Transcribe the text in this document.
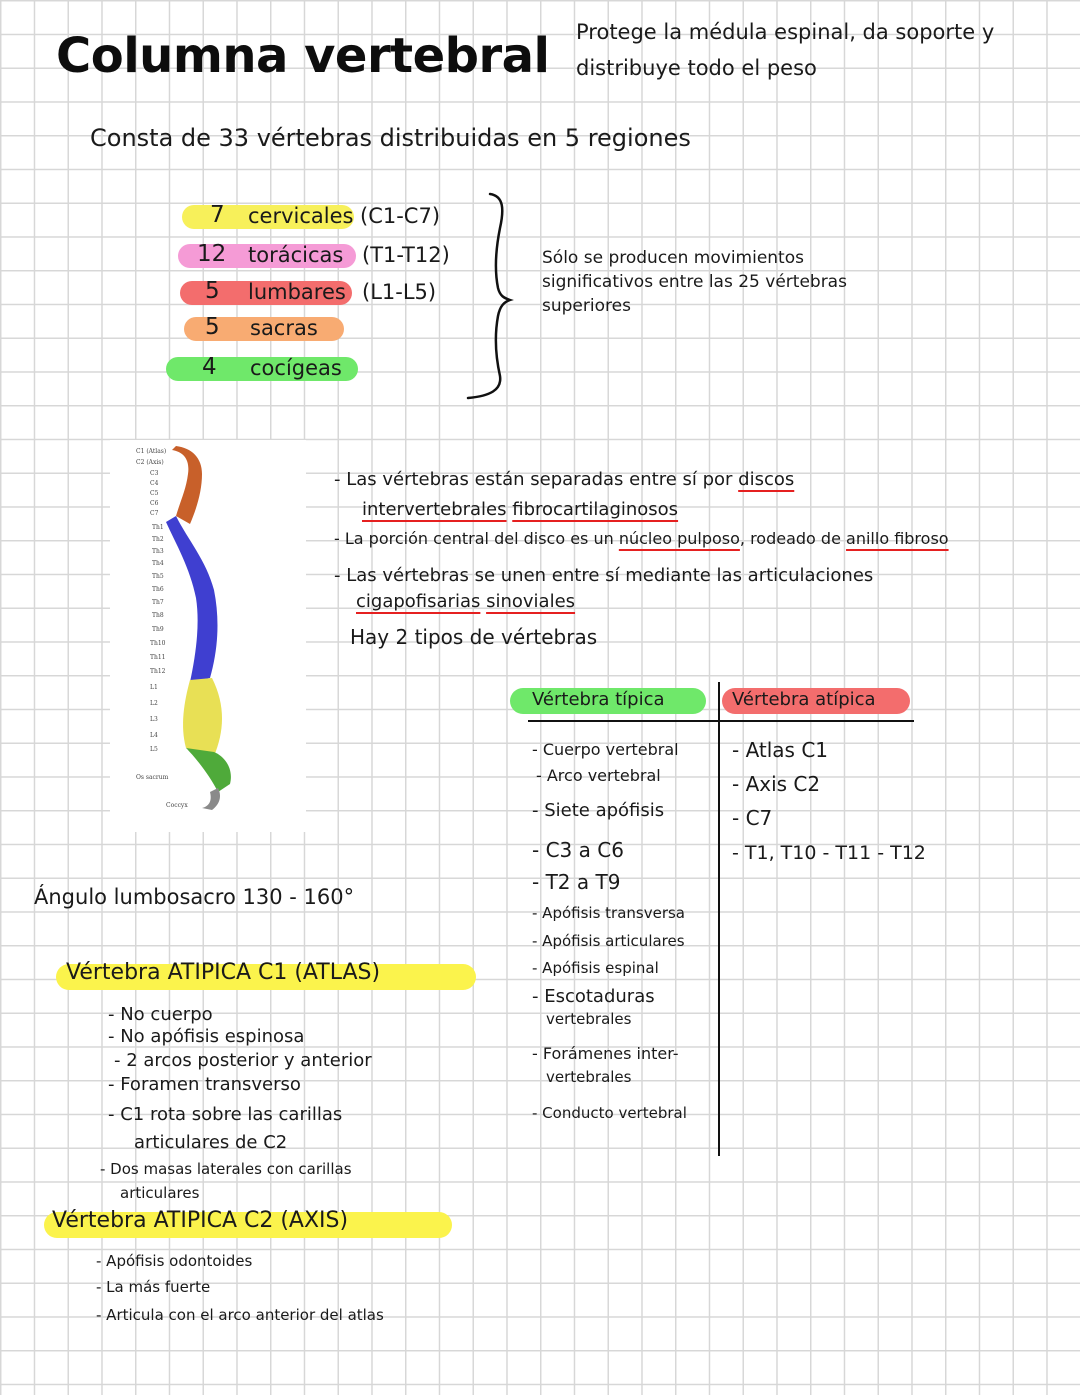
Columna vertebral Protege la médula espinal, da soporte y distribuye todo el peso
Consta de 33 vértebras distribuidas en 5 regiones
7 cervicales (C1-C7)
12 torácicas (T1-T12)
5 lumbares (L1-L5)
5 sacras
4 cocígeas
Sólo se producen movimientos significativos entre las 25 vértebras superiores
C1 (Atlas)
C2 (Axis)
C3
C4
C5
C6
C7
Th1
Th2
Th3
Th4
Th5
Th6
Th7
Th8
Th9
Th10
Th11
Th12
L1
L2
L3
L4
L5
Os sacrum
Coccyx
- Las vértebras están separadas entre sí por discos
intervertebrales fibrocartilaginosos
- La porción central del disco es un núcleo pulposo, rodeado de anillo fibroso
- Las vértebras se unen entre sí mediante las articulaciones
cigapofisarias sinoviales
Hay 2 tipos de vértebras
Vértebra típica	Vértebra atípica
- Cuerpo vertebral
- Arco vertebral
- Siete apófisis
- C3 a C6
- T2 a T9
- Apófisis transversa
- Apófisis articulares
- Apófisis espinal
- Escotaduras
vertebrales
- Forámenes inter-
vertebrales
- Conducto vertebral
- Atlas C1
- Axis C2
- C7
- T1, T10 - T11 - T12
Ángulo lumbosacro 130 - 160°
Vértebra ATIPICA C1 (ATLAS)
- No cuerpo
- No apófisis espinosa
- 2 arcos posterior y anterior
- Foramen transverso
- C1 rota sobre las carillas
articulares de C2
- Dos masas laterales con carillas
articulares
Vértebra ATIPICA C2 (AXIS)
- Apófisis odontoides
- La más fuerte
- Articula con el arco anterior del atlas
